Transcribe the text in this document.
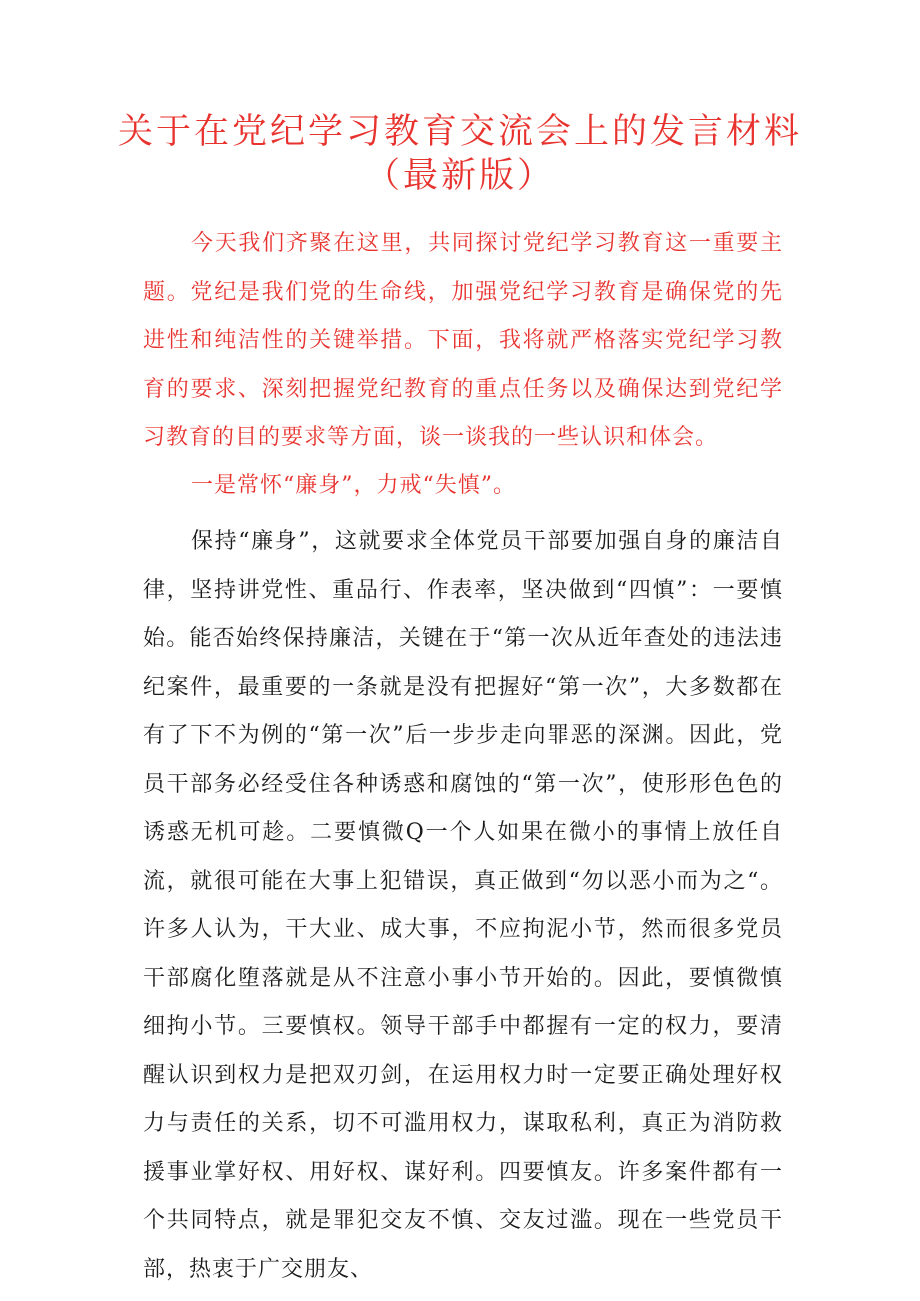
关于在党纪学习教育交流会上的发言材料
（最新版）

今天我们齐聚在这里，共同探讨党纪学习教育这一重要主题。党纪是我们党的生命线，加强党纪学习教育是确保党的先进性和纯洁性的关键举措。下面，我将就严格落实党纪学习教育的要求、深刻把握党纪教育的重点任务以及确保达到党纪学习教育的目的要求等方面，谈一谈我的一些认识和体会。

一是常怀“廉身”，力戒“失慎”。

保持“廉身”，这就要求全体党员干部要加强自身的廉洁自律，坚持讲党性、重品行、作表率，坚决做到“四慎”：一要慎始。能否始终保持廉洁，关键在于“第一次从近年查处的违法违纪案件，最重要的一条就是没有把握好“第一次”，大多数都在有了下不为例的“第一次”后一步步走向罪恶的深渊。因此，党员干部务必经受住各种诱惑和腐蚀的“第一次”，使形形色色的诱惑无机可趁。二要慎微Q一个人如果在微小的事情上放任自流，就很可能在大事上犯错误，真正做到“勿以恶小而为之“。许多人认为，干大业、成大事，不应拘泥小节，然而很多党员干部腐化堕落就是从不注意小事小节开始的。因此，要慎微慎细拘小节。三要慎权。领导干部手中都握有一定的权力，要清醒认识到权力是把双刃剑，在运用权力时一定要正确处理好权力与责任的关系，切不可滥用权力，谋取私利，真正为消防救援事业掌好权、用好权、谋好利。四要慎友。许多案件都有一个共同特点，就是罪犯交友不慎、交友过滥。现在一些党员干部，热衷于广交朋友、
